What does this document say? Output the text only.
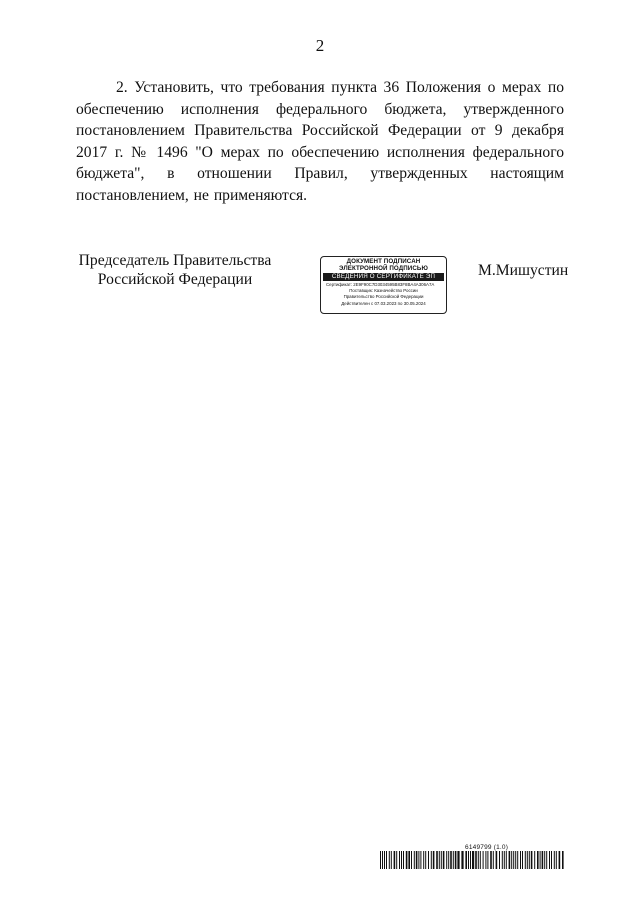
2

2. Установить, что требования пункта 36 Положения о мерах по обеспечению исполнения федерального бюджета, утвержденного постановлением Правительства Российской Федерации от 9 декабря 2017 г. № 1496 "О мерах по обеспечению исполнения федерального бюджета", в отношении Правил, утвержденных настоящим постановлением, не применяются.

Председатель Правительства
Российской Федерации
ДОКУМЕНТ ПОДПИСАН
ЭЛЕКТРОННОЙ ПОДПИСЬЮ
СВЕДЕНИЯ О СЕРТИФИКАТЕ ЭП
Сертификат: 2E9F90C7D3034595B83F8BA4A306A7A
Поставщик: Казначейство России
Правительство Российской Федерации
Действителен с 07.03.2023 по 30.05.2024
М.Мишустин
6149799 (1.0)
